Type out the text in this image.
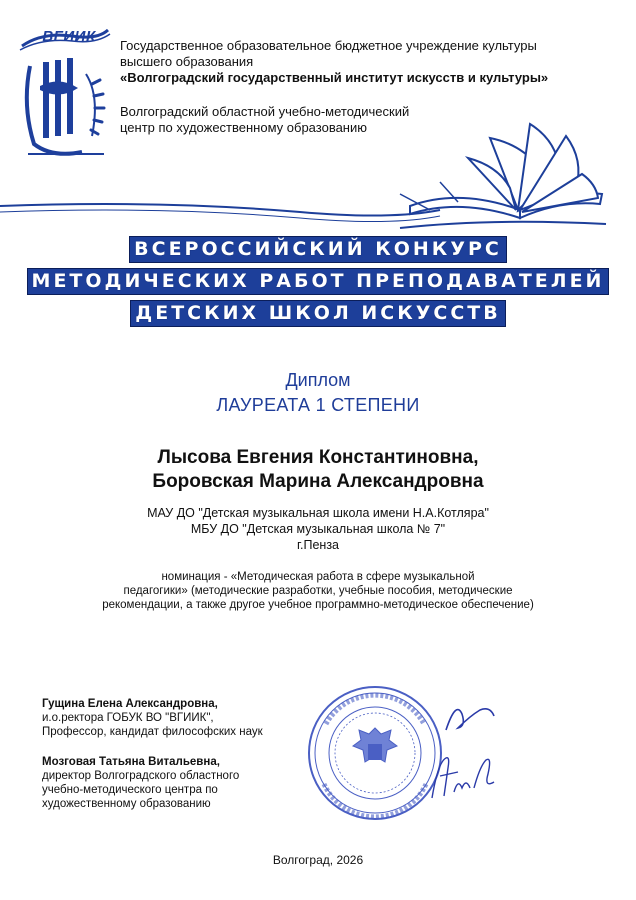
ВГИИК
Государственное образовательное бюджетное учреждение культуры
высшего образования
«Волгоградский государственный институт искусств и культуры»
Волгоградский областной учебно-методический
центр по художественному образованию
ВСЕРОССИЙСКИЙ КОНКУРС
МЕТОДИЧЕСКИХ РАБОТ ПРЕПОДАВАТЕЛЕЙ
ДЕТСКИХ ШКОЛ ИСКУССТВ
Диплом
ЛАУРЕАТА 1 СТЕПЕНИ
Лысова Евгения Константиновна,
Боровская Марина Александровна
МАУ ДО "Детская музыкальная школа имени Н.А.Котляра"
МБУ ДО "Детская музыкальная школа № 7"
г.Пенза
номинация - «Методическая работа в сфере музыкальной
педагогики» (методические разработки, учебные пособия, методические
рекомендации, а также другое учебное программно-методическое обеспечение)
Гущина Елена Александровна,
и.о.ректора ГОБУК ВО "ВГИИК",
Профессор, кандидат философских наук
Мозговая Татьяна Витальевна,
директор Волгоградского областного
учебно-методического центра по
художественному образованию
Волгоград, 2026
